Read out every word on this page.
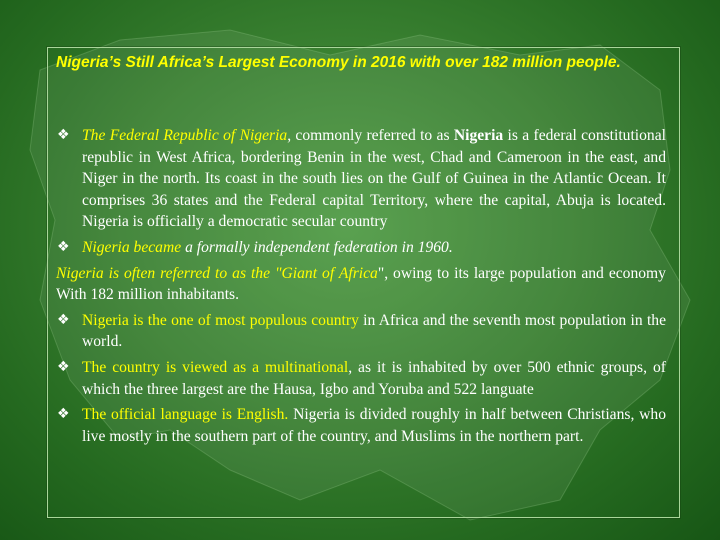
Nigeria’s Still Africa’s Largest Economy in 2016 with over 182 million people.
❖ The Federal Republic of Nigeria, commonly referred to as Nigeria is a federal constitutional republic in West Africa, bordering Benin in the west, Chad and Cameroon in the east, and Niger in the north. Its coast in the south lies on the Gulf of Guinea in the Atlantic Ocean. It comprises 36 states and the Federal capital Territory, where the capital, Abuja is located. Nigeria is officially a democratic secular country
❖ Nigeria became a formally independent federation in 1960.
Nigeria is often referred to as the "Giant of Africa", owing to its large population and economy With 182 million inhabitants.
❖ Nigeria is the one of most populous country in Africa and the seventh most population in the world.
❖ The country is viewed as a multinational, as it is inhabited by over 500 ethnic groups, of which the three largest are the Hausa, Igbo and Yoruba and 522 languate
❖ The official language is English. Nigeria is divided roughly in half between Christians, who live mostly in the southern part of the country, and Muslims in the northern part.
